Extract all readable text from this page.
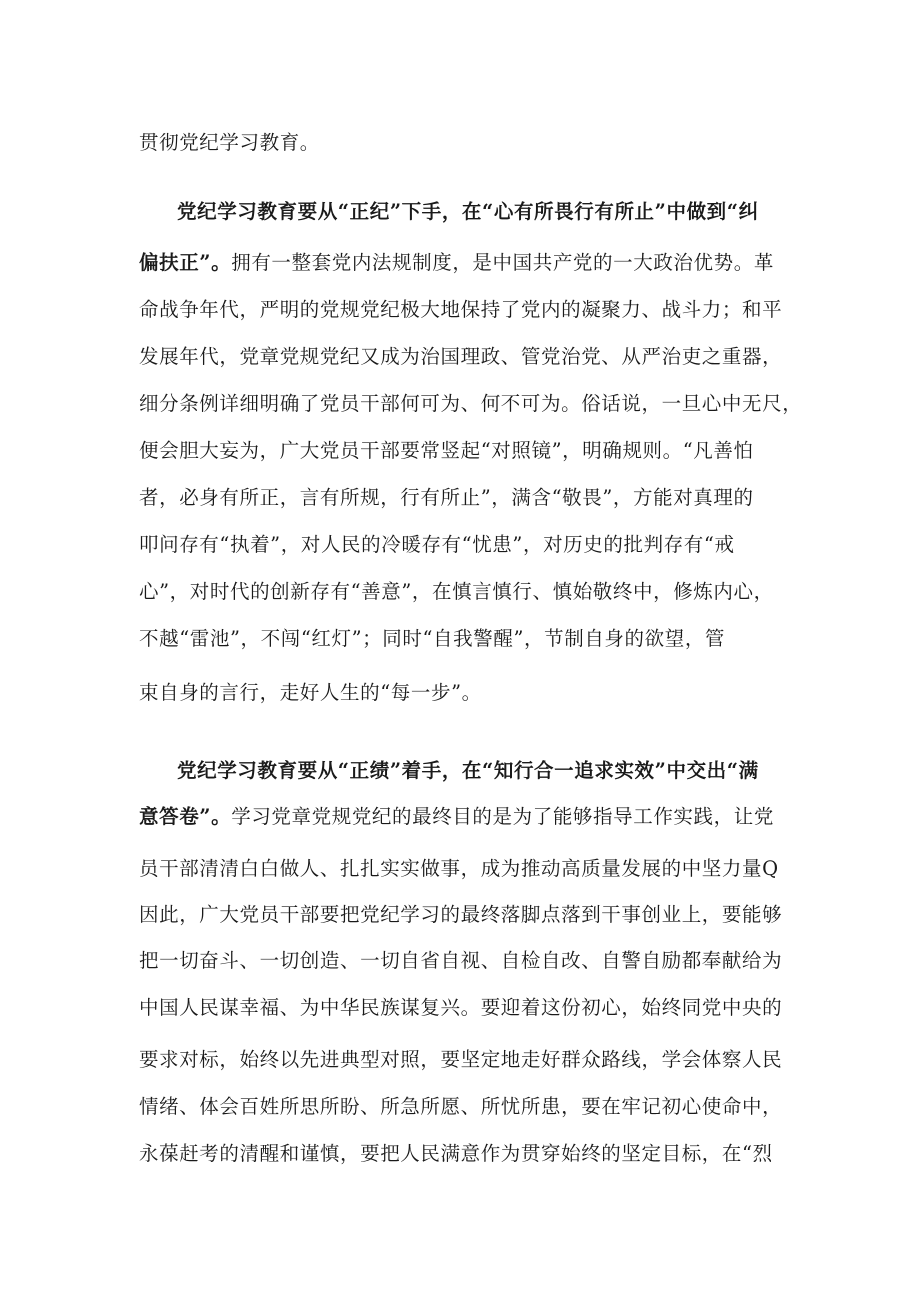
贯彻党纪学习教育。
党纪学习教育要从“正纪”下手，在“心有所畏行有所止”中做到“纠
偏扶正”。拥有一整套党内法规制度，是中国共产党的一大政治优势。革
命战争年代，严明的党规党纪极大地保持了党内的凝聚力、战斗力；和平
发展年代，党章党规党纪又成为治国理政、管党治党、从严治吏之重器，
细分条例详细明确了党员干部何可为、何不可为。俗话说，一旦心中无尺，
便会胆大妄为，广大党员干部要常竖起“对照镜”，明确规则。“凡善怕
者，必身有所正，言有所规，行有所止”，满含“敬畏”，方能对真理的
叩问存有“执着”，对人民的冷暖存有“忧患”，对历史的批判存有“戒
心”，对时代的创新存有“善意”，在慎言慎行、慎始敬终中，修炼内心，
不越“雷池”，不闯“红灯”；同时“自我警醒”，节制自身的欲望，管
束自身的言行，走好人生的“每一步”。
党纪学习教育要从“正绩”着手，在“知行合一追求实效”中交出“满
意答卷”。学习党章党规党纪的最终目的是为了能够指导工作实践，让党
员干部清清白白做人、扎扎实实做事，成为推动高质量发展的中坚力量Q
因此，广大党员干部要把党纪学习的最终落脚点落到干事创业上，要能够
把一切奋斗、一切创造、一切自省自视、自检自改、自警自励都奉献给为
中国人民谋幸福、为中华民族谋复兴。要迎着这份初心，始终同党中央的
要求对标，始终以先进典型对照，要坚定地走好群众路线，学会体察人民
情绪、体会百姓所思所盼、所急所愿、所忧所患，要在牢记初心使命中，
永葆赶考的清醒和谨慎，要把人民满意作为贯穿始终的坚定目标，在“烈
